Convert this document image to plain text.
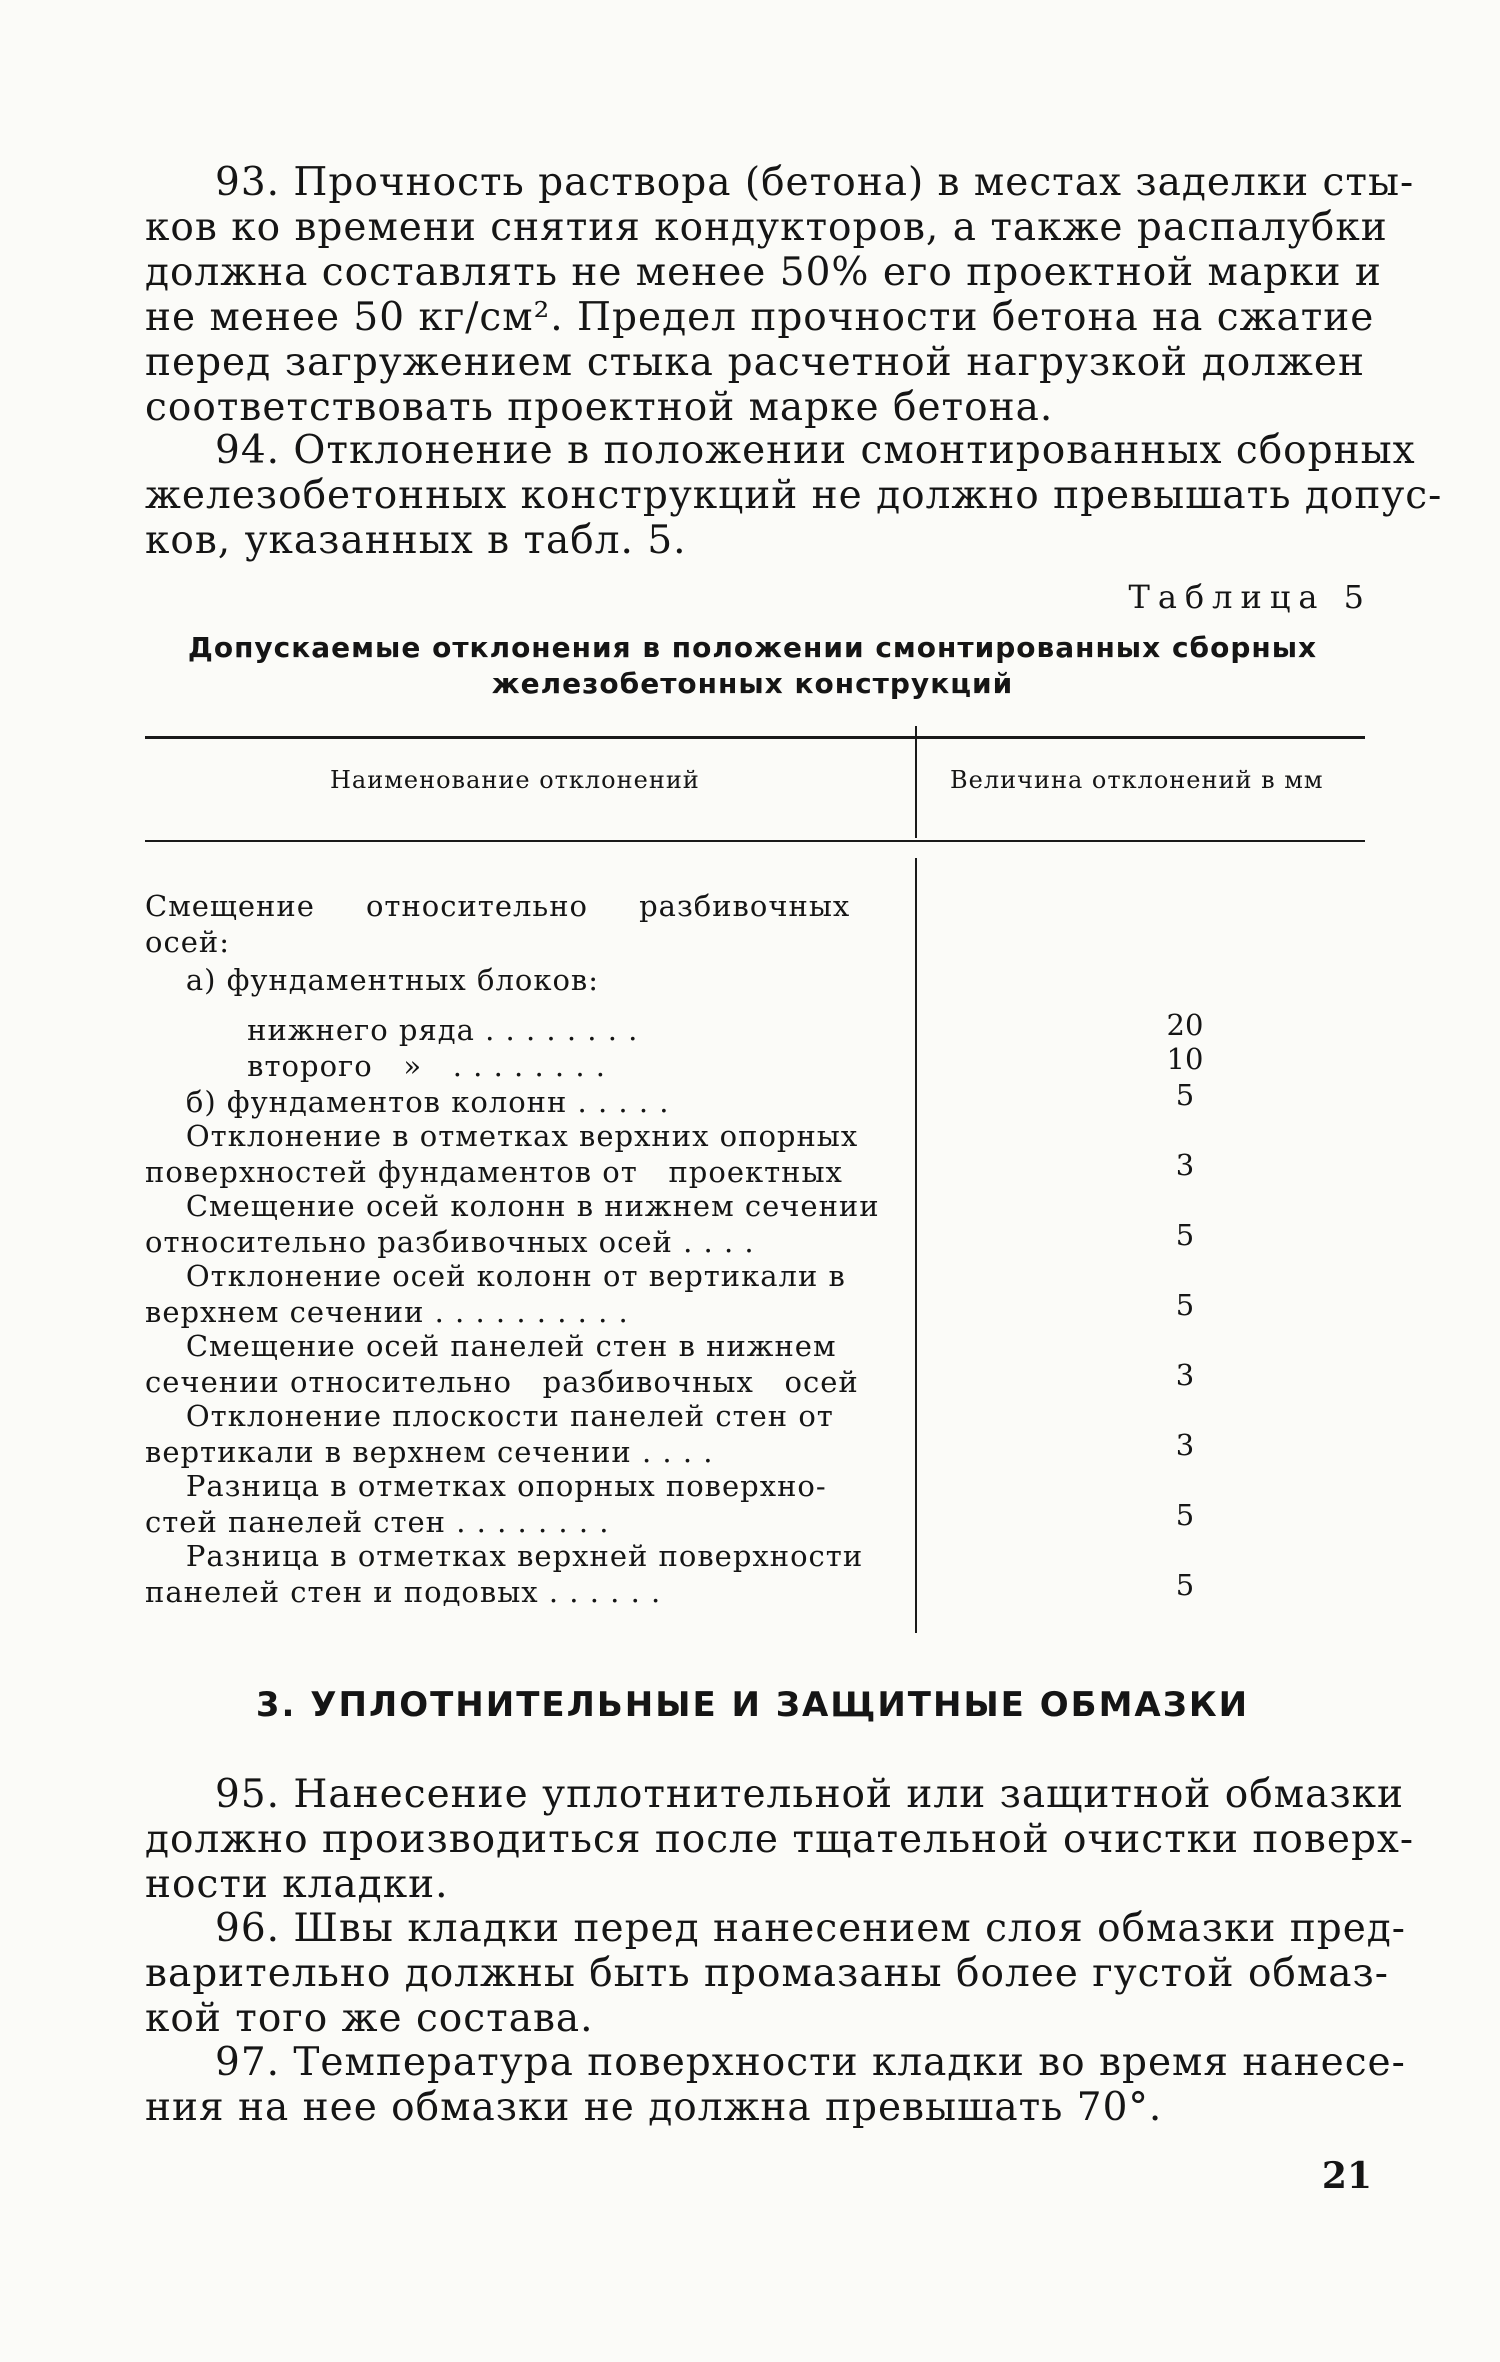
93. Прочность раствора (бетона) в местах заделки сты-
ков ко времени снятия кондукторов, а также распалубки
должна составлять не менее 50% его проектной марки и
не менее 50 кг/см². Предел прочности бетона на сжатие
перед загружением стыка расчетной нагрузкой должен
соответствовать проектной марке бетона.

94. Отклонение в положении смонтированных сборных
железобетонных конструкций не должно превышать допус-
ков, указанных в табл. 5.

Таблица 5
Допускаемые отклонения в положении смонтированных сборных
железобетонных конструкций
Наименование отклонений	Величина отклонений в мм
Смещение     относительно     разбивочных
осей:
а) фундаментных блоков:
нижнего ряда . . . . . . . .	20
второго   »   . . . . . . . .	10
б) фундаментов колонн . . . . .	5
Отклонение в отметках верхних опорных
поверхностей фундаментов от   проектных	3
Смещение осей колонн в нижнем сечении
относительно разбивочных осей . . . .	5
Отклонение осей колонн от вертикали в
верхнем сечении . . . . . . . . . .	5
Смещение осей панелей стен в нижнем
сечении относительно   разбивочных   осей	3
Отклонение плоскости панелей стен от
вертикали в верхнем сечении . . . .	3
Разница в отметках опорных поверхно-
стей панелей стен . . . . . . . .	5
Разница в отметках верхней поверхности
панелей стен и подовых . . . . . .	5
3. УПЛОТНИТЕЛЬНЫЕ И ЗАЩИТНЫЕ ОБМАЗКИ

95. Нанесение уплотнительной или защитной обмазки
должно производиться после тщательной очистки поверх-
ности кладки.

96. Швы кладки перед нанесением слоя обмазки пред-
варительно должны быть промазаны более густой обмаз-
кой того же состава.

97. Температура поверхности кладки во время нанесе-
ния на нее обмазки не должна превышать 70°.

21
